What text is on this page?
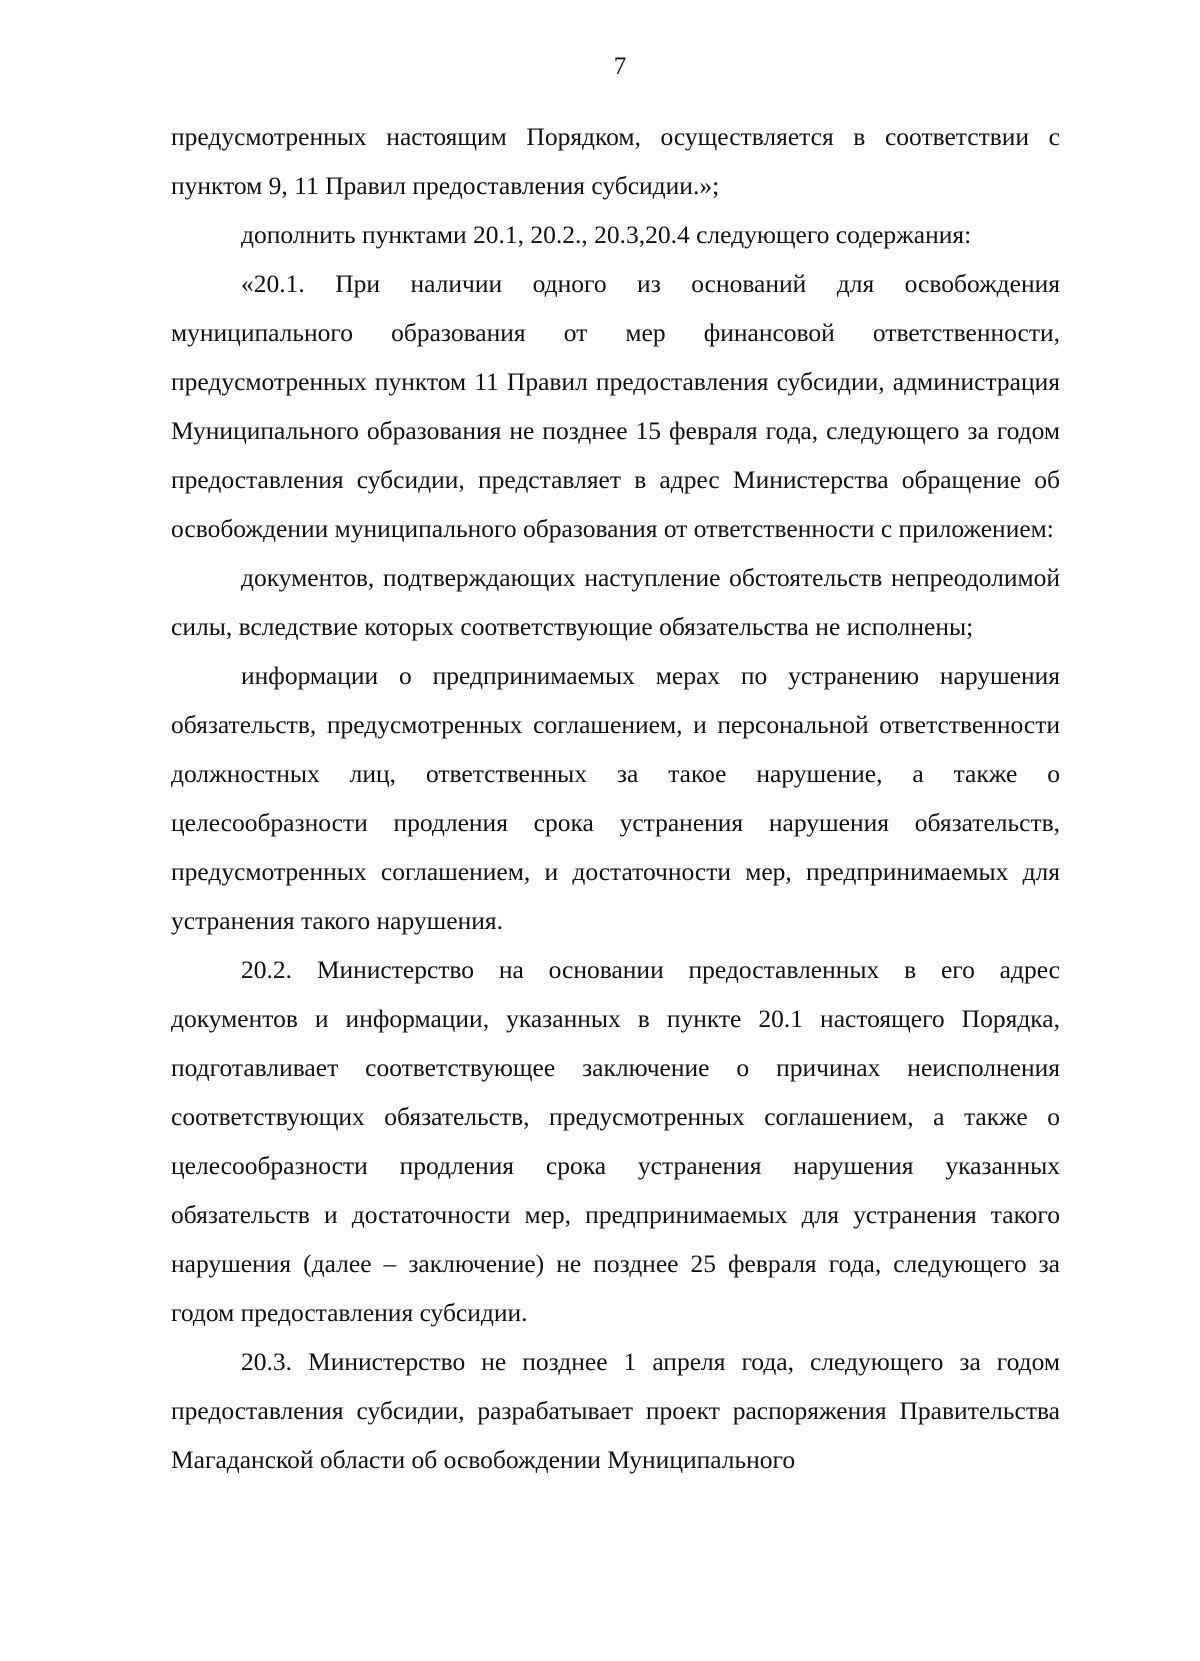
7

предусмотренных настоящим Порядком, осуществляется в соответствии с пунктом 9, 11 Правил предоставления субсидии.»;

дополнить пунктами 20.1, 20.2., 20.3,20.4 следующего содержания:

«20.1. При наличии одного из оснований для освобождения муниципального образования от мер финансовой ответственности, предусмотренных пунктом 11 Правил предоставления субсидии, администрация Муниципального образования не позднее 15 февраля года, следующего за годом предоставления субсидии, представляет в адрес Министерства обращение об освобождении муниципального образования от ответственности с приложением:

документов, подтверждающих наступление обстоятельств непреодолимой силы, вследствие которых соответствующие обязательства не исполнены;

информации о предпринимаемых мерах по устранению нарушения обязательств, предусмотренных соглашением, и персональной ответственности должностных лиц, ответственных за такое нарушение, а также о целесообразности продления срока устранения нарушения обязательств, предусмотренных соглашением, и достаточности мер, предпринимаемых для устранения такого нарушения.

20.2. Министерство на основании предоставленных в его адрес документов и информации, указанных в пункте 20.1 настоящего Порядка, подготавливает соответствующее заключение о причинах неисполнения соответствующих обязательств, предусмотренных соглашением, а также о целесообразности продления срока устранения нарушения указанных обязательств и достаточности мер, предпринимаемых для устранения такого нарушения (далее – заключение) не позднее 25 февраля года, следующего за годом предоставления субсидии.

20.3. Министерство не позднее 1 апреля года, следующего за годом предоставления субсидии, разрабатывает проект распоряжения Правительства Магаданской области об освобождении Муниципального
